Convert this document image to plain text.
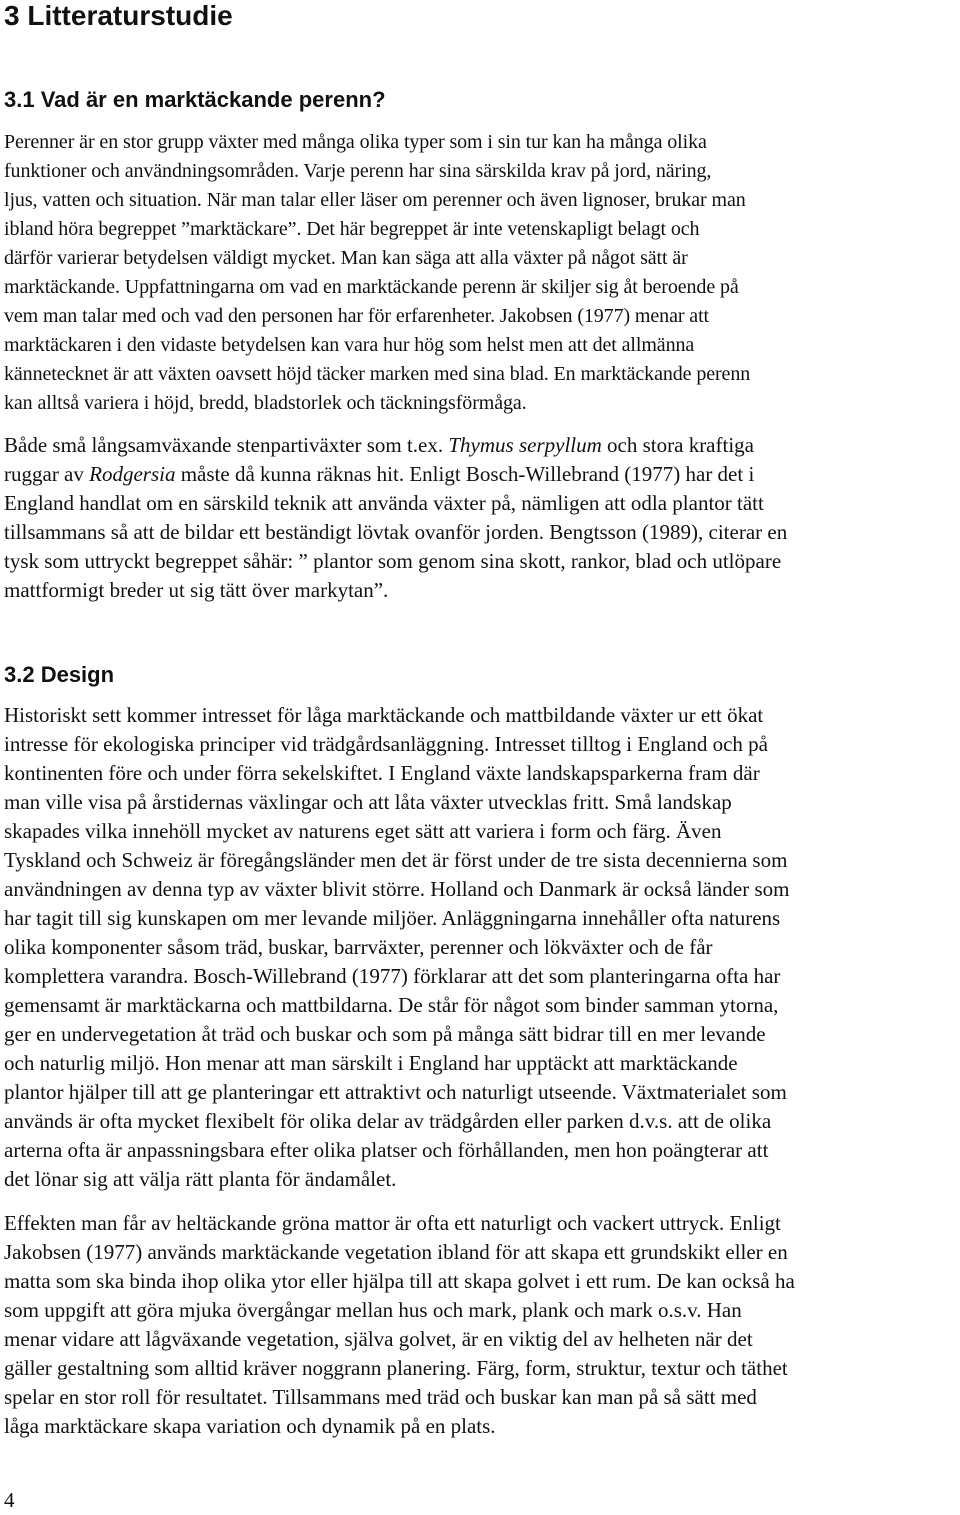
3 Litteraturstudie
3.1 Vad är en marktäckande perenn?

Perenner är en stor grupp växter med många olika typer som i sin tur kan ha många olika
funktioner och användningsområden. Varje perenn har sina särskilda krav på jord, näring,
ljus, vatten och situation. När man talar eller läser om perenner och även lignoser, brukar man
ibland höra begreppet ”marktäckare”. Det här begreppet är inte vetenskapligt belagt och
därför varierar betydelsen väldigt mycket. Man kan säga att alla växter på något sätt är
marktäckande. Uppfattningarna om vad en marktäckande perenn är skiljer sig åt beroende på
vem man talar med och vad den personen har för erfarenheter. Jakobsen (1977) menar att
marktäckaren i den vidaste betydelsen kan vara hur hög som helst men att det allmänna
kännetecknet är att växten oavsett höjd täcker marken med sina blad. En marktäckande perenn
kan alltså variera i höjd, bredd, bladstorlek och täckningsförmåga.

Både små långsamväxande stenpartiväxter som t.ex. Thymus serpyllum och stora kraftiga
ruggar av Rodgersia måste då kunna räknas hit. Enligt Bosch-Willebrand (1977) har det i
England handlat om en särskild teknik att använda växter på, nämligen att odla plantor tätt
tillsammans så att de bildar ett beständigt lövtak ovanför jorden. Bengtsson (1989), citerar en
tysk som uttryckt begreppet såhär: ” plantor som genom sina skott, rankor, blad och utlöpare
mattformigt breder ut sig tätt över markytan”.

3.2 Design

Historiskt sett kommer intresset för låga marktäckande och mattbildande växter ur ett ökat
intresse för ekologiska principer vid trädgårdsanläggning. Intresset tilltog i England och på
kontinenten före och under förra sekelskiftet. I England växte landskapsparkerna fram där
man ville visa på årstidernas växlingar och att låta växter utvecklas fritt. Små landskap
skapades vilka innehöll mycket av naturens eget sätt att variera i form och färg. Även
Tyskland och Schweiz är föregångsländer men det är först under de tre sista decennierna som
användningen av denna typ av växter blivit större. Holland och Danmark är också länder som
har tagit till sig kunskapen om mer levande miljöer. Anläggningarna innehåller ofta naturens
olika komponenter såsom träd, buskar, barrväxter, perenner och lökväxter och de får
komplettera varandra. Bosch-Willebrand (1977) förklarar att det som planteringarna ofta har
gemensamt är marktäckarna och mattbildarna. De står för något som binder samman ytorna,
ger en undervegetation åt träd och buskar och som på många sätt bidrar till en mer levande
och naturlig miljö. Hon menar att man särskilt i England har upptäckt att marktäckande
plantor hjälper till att ge planteringar ett attraktivt och naturligt utseende. Växtmaterialet som
används är ofta mycket flexibelt för olika delar av trädgården eller parken d.v.s. att de olika
arterna ofta är anpassningsbara efter olika platser och förhållanden, men hon poängterar att
det lönar sig att välja rätt planta för ändamålet.

Effekten man får av heltäckande gröna mattor är ofta ett naturligt och vackert uttryck. Enligt
Jakobsen (1977) används marktäckande vegetation ibland för att skapa ett grundskikt eller en
matta som ska binda ihop olika ytor eller hjälpa till att skapa golvet i ett rum. De kan också ha
som uppgift att göra mjuka övergångar mellan hus och mark, plank och mark o.s.v. Han
menar vidare att lågväxande vegetation, själva golvet, är en viktig del av helheten när det
gäller gestaltning som alltid kräver noggrann planering. Färg, form, struktur, textur och täthet
spelar en stor roll för resultatet. Tillsammans med träd och buskar kan man på så sätt med
låga marktäckare skapa variation och dynamik på en plats.

4
